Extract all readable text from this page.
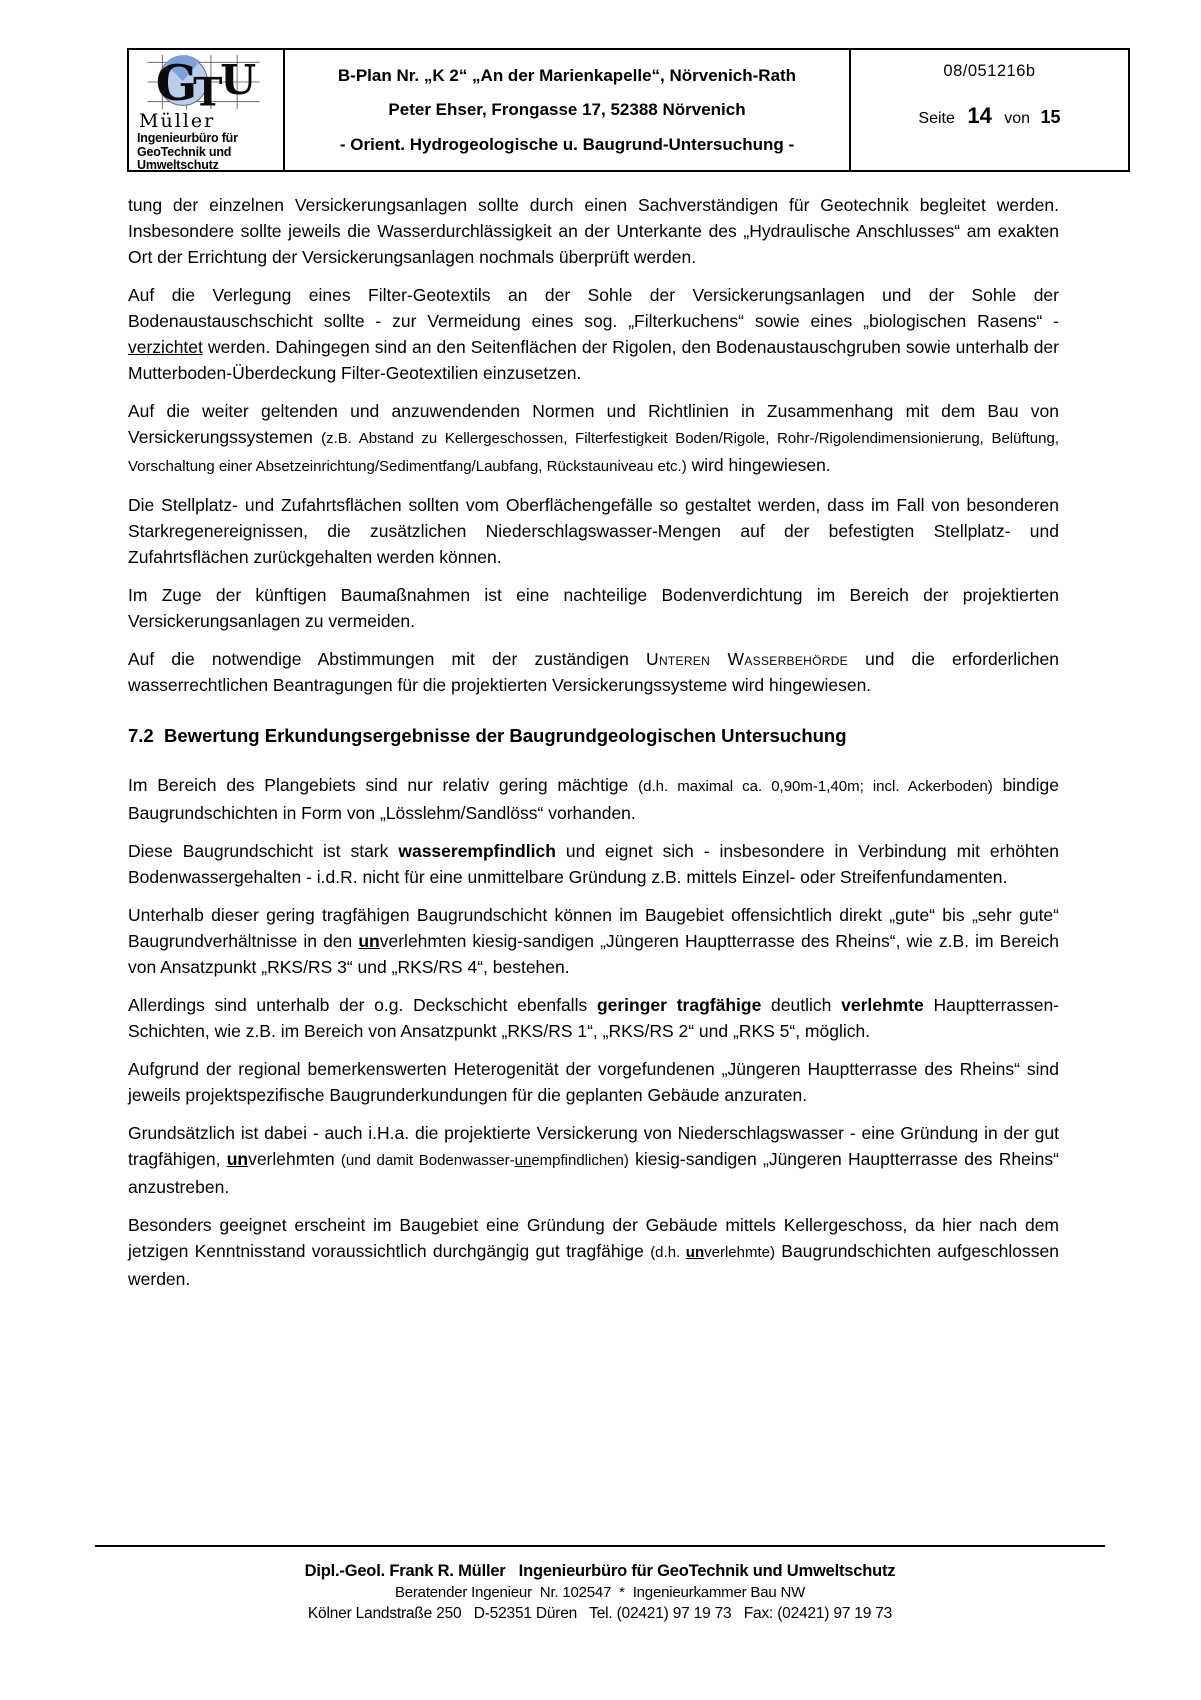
G
T
U
Müller
Ingenieurbüro für
GeoTechnik und
Umweltschutz
B-Plan Nr. „K 2“ „An der Marienkapelle“, Nörvenich-Rath
Peter Ehser, Frongasse 17, 52388 Nörvenich
- Orient. Hydrogeologische u. Baugrund-Untersuchung -
08/051216b
Seite 14 von 15

tung der einzelnen Versickerungsanlagen sollte durch einen Sachverständigen für Geotechnik begleitet werden. Insbesondere sollte jeweils die Wasserdurchlässigkeit an der Unterkante des „Hydraulische Anschlusses“ am exakten Ort der Errichtung der Versickerungsanlagen nochmals überprüft werden.

Auf die Verlegung eines Filter-Geotextils an der Sohle der Versickerungsanlagen und der Sohle der Bodenaustauschschicht sollte - zur Vermeidung eines sog. „Filterkuchens“ sowie eines „biologischen Rasens“ - verzichtet werden. Dahingegen sind an den Seitenflächen der Rigolen, den Bodenaustauschgruben sowie unterhalb der Mutterboden-Überdeckung Filter-Geotextilien einzusetzen.

Auf die weiter geltenden und anzuwendenden Normen und Richtlinien in Zusammenhang mit dem Bau von Versickerungssystemen (z.B. Abstand zu Kellergeschossen, Filterfestigkeit Boden/Rigole, Rohr-/Rigolendimensionierung, Belüftung, Vorschaltung einer Absetzeinrichtung/Sedimentfang/Laubfang, Rückstauniveau etc.) wird hingewiesen.

Die Stellplatz- und Zufahrtsflächen sollten vom Oberflächengefälle so gestaltet werden, dass im Fall von besonderen Starkregenereignissen, die zusätzlichen Niederschlagswasser-Mengen auf der befestigten Stellplatz- und Zufahrtsflächen zurückgehalten werden können.

Im Zuge der künftigen Baumaßnahmen ist eine nachteilige Bodenverdichtung im Bereich der projektierten Versickerungsanlagen zu vermeiden.

Auf die notwendige Abstimmungen mit der zuständigen Unteren Wasserbehörde und die erforderlichen wasserrechtlichen Beantragungen für die projektierten Versickerungssysteme wird hingewiesen.

7.2  Bewertung Erkundungsergebnisse der Baugrundgeologischen Untersuchung

Im Bereich des Plangebiets sind nur relativ gering mächtige (d.h. maximal ca. 0,90m-1,40m; incl. Ackerboden) bindige Baugrundschichten in Form von „Lösslehm/Sandlöss“ vorhanden.

Diese Baugrundschicht ist stark wasserempfindlich und eignet sich - insbesondere in Verbindung mit erhöhten Bodenwassergehalten - i.d.R. nicht für eine unmittelbare Gründung z.B. mittels Einzel- oder Streifenfundamenten.

Unterhalb dieser gering tragfähigen Baugrundschicht können im Baugebiet offensichtlich direkt „gute“ bis „sehr gute“ Baugrundverhältnisse in den unverlehmten kiesig-sandigen „Jüngeren Hauptterrasse des Rheins“, wie z.B. im Bereich von Ansatzpunkt „RKS/RS 3“ und „RKS/RS 4“, bestehen.

Allerdings sind unterhalb der o.g. Deckschicht ebenfalls geringer tragfähige deutlich verlehmte Hauptterrassen-Schichten, wie z.B. im Bereich von Ansatzpunkt „RKS/RS 1“, „RKS/RS 2“ und „RKS 5“, möglich.

Aufgrund der regional bemerkenswerten Heterogenität der vorgefundenen „Jüngeren Hauptterrasse des Rheins“ sind jeweils projektspezifische Baugrunderkundungen für die geplanten Gebäude anzuraten.

Grundsätzlich ist dabei - auch i.H.a. die projektierte Versickerung von Niederschlagswasser - eine Gründung in der gut tragfähigen, unverlehmten (und damit Bodenwasser-unempfindlichen) kiesig-sandigen „Jüngeren Hauptterrasse des Rheins“ anzustreben.

Besonders geeignet erscheint im Baugebiet eine Gründung der Gebäude mittels Kellergeschoss, da hier nach dem jetzigen Kenntnisstand voraussichtlich durchgängig gut tragfähige (d.h. unverlehmte) Baugrundschichten aufgeschlossen werden.

Dipl.-Geol. Frank R. Müller   Ingenieurbüro für GeoTechnik und Umweltschutz
Beratender Ingenieur  Nr. 102547  *  Ingenieurkammer Bau NW
Kölner Landstraße 250   D-52351 Düren   Tel. (02421) 97 19 73   Fax: (02421) 97 19 73
